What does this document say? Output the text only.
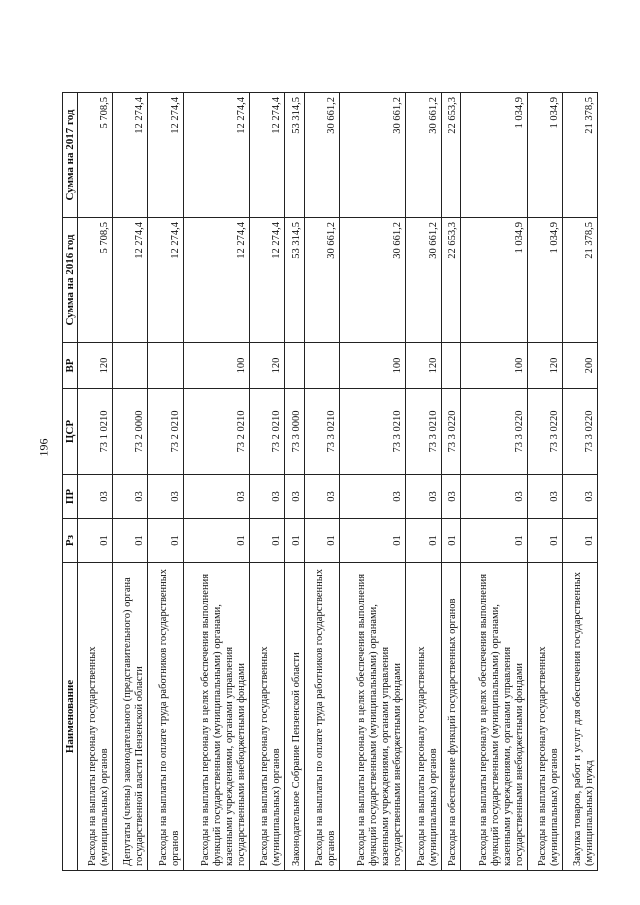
196
Наименование	Рз	ПР	ЦСР	ВР	Сумма на 2016 год	Сумма на 2017 год
Расходы на выплаты персоналу государственных (муниципальных) органов	01	03	73 1 0210	120	5 708,5	5 708,5
Депутаты (члены) законодательного (представительного) органа государственной власти Пензенской области	01	03	73 2 0000		12 274,4	12 274,4
Расходы на выплаты по оплате труда работников государственных органов	01	03	73 2 0210		12 274,4	12 274,4
Расходы на выплаты персоналу в целях обеспечения выполнения функций государственными (муниципальными) органами, казенными учреждениями, органами управления государственными внебюджетными фондами	01	03	73 2 0210	100	12 274,4	12 274,4
Расходы на выплаты персоналу государственных (муниципальных) органов	01	03	73 2 0210	120	12 274,4	12 274,4
Законодательное Собрание Пензенской области	01	03	73 3 0000		53 314,5	53 314,5
Расходы на выплаты по оплате труда работников государственных органов	01	03	73 3 0210		30 661,2	30 661,2
Расходы на выплаты персоналу в целях обеспечения выполнения функций государственными (муниципальными) органами, казенными учреждениями, органами управления государственными внебюджетными фондами	01	03	73 3 0210	100	30 661,2	30 661,2
Расходы на выплаты персоналу государственных (муниципальных) органов	01	03	73 3 0210	120	30 661,2	30 661,2
Расходы на обеспечение функций государственных органов	01	03	73 3 0220		22 653,3	22 653,3
Расходы на выплаты персоналу в целях обеспечения выполнения функций государственными (муниципальными) органами, казенными учреждениями, органами управления государственными внебюджетными фондами	01	03	73 3 0220	100	1 034,9	1 034,9
Расходы на выплаты персоналу государственных (муниципальных) органов	01	03	73 3 0220	120	1 034,9	1 034,9
Закупка товаров, работ и услуг для обеспечения государственных (муниципальных) нужд	01	03	73 3 0220	200	21 378,5	21 378,5
